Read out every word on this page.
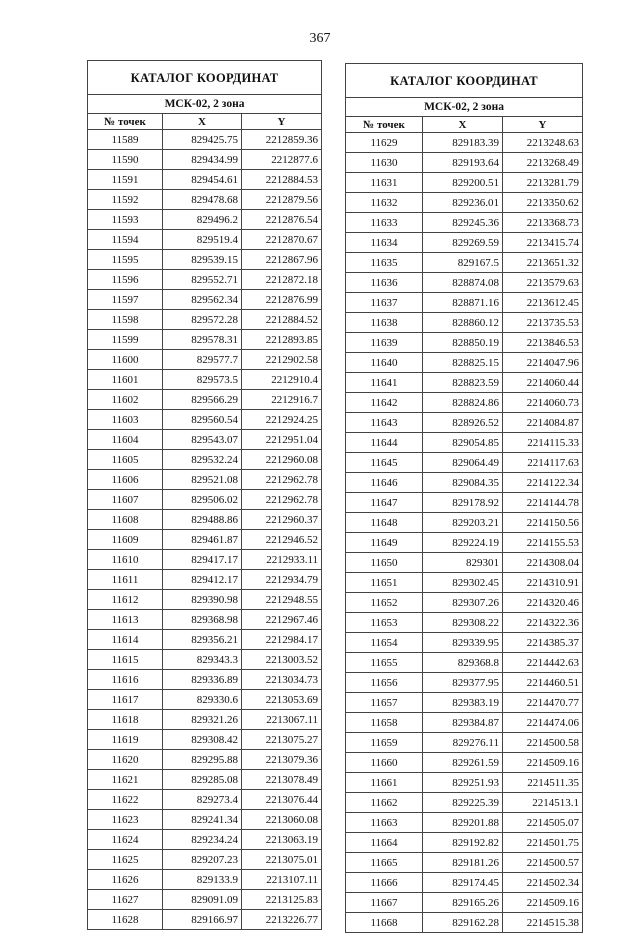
367
КАТАЛОГ КООРДИНАТ		
МСК-02, 2 зона		
№ точек	X	Y
11589	829425.75	2212859.36
11590	829434.99	2212877.6
11591	829454.61	2212884.53
11592	829478.68	2212879.56
11593	829496.2	2212876.54
11594	829519.4	2212870.67
11595	829539.15	2212867.96
11596	829552.71	2212872.18
11597	829562.34	2212876.99
11598	829572.28	2212884.52
11599	829578.31	2212893.85
11600	829577.7	2212902.58
11601	829573.5	2212910.4
11602	829566.29	2212916.7
11603	829560.54	2212924.25
11604	829543.07	2212951.04
11605	829532.24	2212960.08
11606	829521.08	2212962.78
11607	829506.02	2212962.78
11608	829488.86	2212960.37
11609	829461.87	2212946.52
11610	829417.17	2212933.11
11611	829412.17	2212934.79
11612	829390.98	2212948.55
11613	829368.98	2212967.46
11614	829356.21	2212984.17
11615	829343.3	2213003.52
11616	829336.89	2213034.73
11617	829330.6	2213053.69
11618	829321.26	2213067.11
11619	829308.42	2213075.27
11620	829295.88	2213079.36
11621	829285.08	2213078.49
11622	829273.4	2213076.44
11623	829241.34	2213060.08
11624	829234.24	2213063.19
11625	829207.23	2213075.01
11626	829133.9	2213107.11
11627	829091.09	2213125.83
11628	829166.97	2213226.77
КАТАЛОГ КООРДИНАТ		
МСК-02, 2 зона		
№ точек	X	Y
11629	829183.39	2213248.63
11630	829193.64	2213268.49
11631	829200.51	2213281.79
11632	829236.01	2213350.62
11633	829245.36	2213368.73
11634	829269.59	2213415.74
11635	829167.5	2213651.32
11636	828874.08	2213579.63
11637	828871.16	2213612.45
11638	828860.12	2213735.53
11639	828850.19	2213846.53
11640	828825.15	2214047.96
11641	828823.59	2214060.44
11642	828824.86	2214060.73
11643	828926.52	2214084.87
11644	829054.85	2214115.33
11645	829064.49	2214117.63
11646	829084.35	2214122.34
11647	829178.92	2214144.78
11648	829203.21	2214150.56
11649	829224.19	2214155.53
11650	829301	2214308.04
11651	829302.45	2214310.91
11652	829307.26	2214320.46
11653	829308.22	2214322.36
11654	829339.95	2214385.37
11655	829368.8	2214442.63
11656	829377.95	2214460.51
11657	829383.19	2214470.77
11658	829384.87	2214474.06
11659	829276.11	2214500.58
11660	829261.59	2214509.16
11661	829251.93	2214511.35
11662	829225.39	2214513.1
11663	829201.88	2214505.07
11664	829192.82	2214501.75
11665	829181.26	2214500.57
11666	829174.45	2214502.34
11667	829165.26	2214509.16
11668	829162.28	2214515.38
